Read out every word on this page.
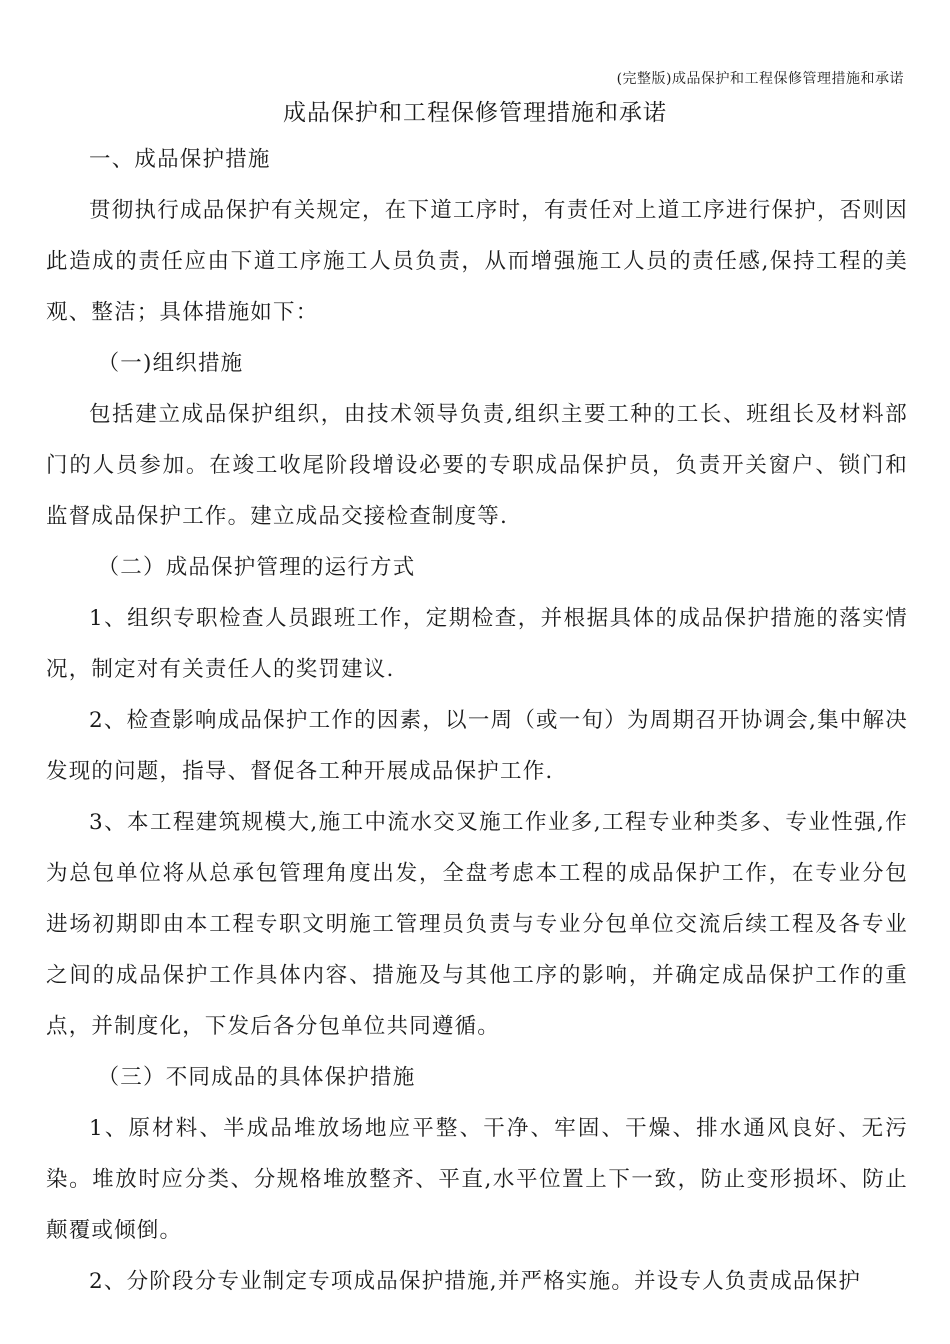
(完整版)成品保护和工程保修管理措施和承诺
成品保护和工程保修管理措施和承诺

一、成品保护措施

贯彻执行成品保护有关规定，在下道工序时，有责任对上道工序进行保护，否则因此造成的责任应由下道工序施工人员负责，从而增强施工人员的责任感,保持工程的美观、整洁；具体措施如下：

（一)组织措施

包括建立成品保护组织，由技术领导负责,组织主要工种的工长、班组长及材料部门的人员参加。在竣工收尾阶段增设必要的专职成品保护员，负责开关窗户、锁门和监督成品保护工作。建立成品交接检查制度等.

（二）成品保护管理的运行方式

1、组织专职检查人员跟班工作，定期检查，并根据具体的成品保护措施的落实情况，制定对有关责任人的奖罚建议.

2、检查影响成品保护工作的因素，以一周（或一旬）为周期召开协调会,集中解决发现的问题，指导、督促各工种开展成品保护工作.

3、本工程建筑规模大,施工中流水交叉施工作业多,工程专业种类多、专业性强,作为总包单位将从总承包管理角度出发，全盘考虑本工程的成品保护工作，在专业分包进场初期即由本工程专职文明施工管理员负责与专业分包单位交流后续工程及各专业之间的成品保护工作具体内容、措施及与其他工序的影响，并确定成品保护工作的重点，并制度化，下发后各分包单位共同遵循。

（三）不同成品的具体保护措施

1、原材料、半成品堆放场地应平整、干净、牢固、干燥、排水通风良好、无污染。堆放时应分类、分规格堆放整齐、平直,水平位置上下一致，防止变形损坏、防止颠覆或倾倒。

2、分阶段分专业制定专项成品保护措施,并严格实施。并设专人负责成品保护
